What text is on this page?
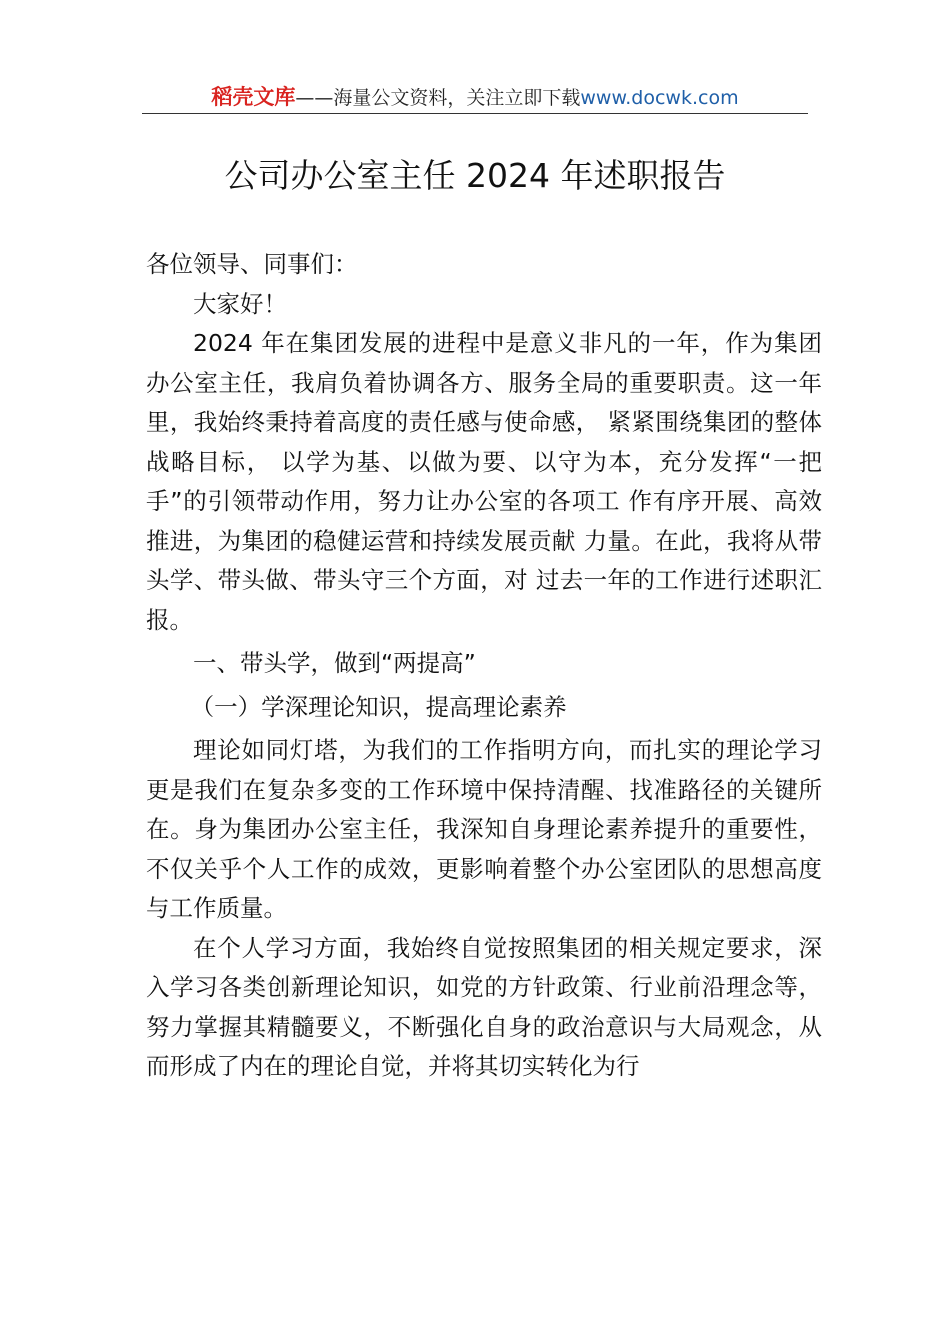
稻壳文库——海量公文资料，关注立即下载www.docwk.com
公司办公室主任 2024 年述职报告

各位领导、同事们：

大家好！

2024 年在集团发展的进程中是意义非凡的一年，作为集团办公室主任，我肩负着协调各方、服务全局的重要职责。这一年里，我始终秉持着高度的责任感与使命感， 紧紧围绕集团的整体战略目标， 以学为基、以做为要、以守为本，充分发挥“一把手”的引领带动作用，努力让办公室的各项工 作有序开展、高效推进，为集团的稳健运营和持续发展贡献 力量。在此，我将从带头学、带头做、带头守三个方面，对 过去一年的工作进行述职汇报。

一、带头学，做到“两提高”

（一）学深理论知识，提高理论素养

理论如同灯塔，为我们的工作指明方向，而扎实的理论学习更是我们在复杂多变的工作环境中保持清醒、找准路径的关键所在。身为集团办公室主任，我深知自身理论素养提升的重要性，不仅关乎个人工作的成效，更影响着整个办公室团队的思想高度与工作质量。

在个人学习方面，我始终自觉按照集团的相关规定要求，深入学习各类创新理论知识，如党的方针政策、行业前沿理念等，努力掌握其精髓要义，不断强化自身的政治意识与大局观念，从而形成了内在的理论自觉，并将其切实转化为行
